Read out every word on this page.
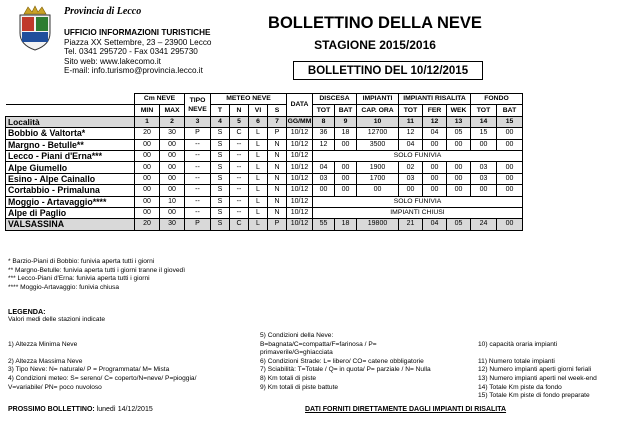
Provincia di Lecco
UFFICIO INFORMAZIONI TURISTICHE
Piazza XX Settembre, 23 – 23900 Lecco
Tel. 0341 295720 - Fax 0341 295730
Sito web: www.lakecomo.it
E-mail: info.turismo@provincia.lecco.it
BOLLETTINO DELLA NEVE
STAGIONE 2015/2016
BOLLETTINO DEL 10/12/2015
	Cm NEVE		TIPO NEVE	METEO NEVE				DATA	DISCESA		IMPIANTI	IMPIANTI RISALITA			FONDO	
	MIN	MAX		T	N	VI	S		TOT	BAT	CAP. ORA	TOT	FER	WEK	TOT	BAT
Località	1	2	3	4	5	6	7	GG/MM	8	9	10	11	12	13	14	15
Bobbio & Valtorta*	20	30	P	S	C	L	P	10/12	36	18	12700	12	04	05	15	00
Margno - Betulle**	00	00	--	S	--	L	N	10/12	12	00	3500	04	00	00	00	00
Lecco - Piani d'Erna***	00	00	--	S	--	L	N	10/12	SOLO FUNIVIA							
Alpe Giumello	00	00	--	S	--	L	N	10/12	04	00	1900	02	00	00	03	00
Esino - Alpe Cainallo	00	00	--	S	--	L	N	10/12	03	00	1700	03	00	00	03	00
Cortabbio - Primaluna	00	00	--	S	--	L	N	10/12	00	00	00	00	00	00	00	00
Moggio - Artavaggio****	00	10	--	S	--	L	N	10/12	SOLO FUNIVIA							
Alpe di Paglio	00	00	--	S	--	L	N	10/12	IMPIANTI CHIUSI							
VALSASSINA	20	30	P	S	C	L	P	10/12	55	18	19800	21	04	05	24	00
* Barzio-Piani di Bobbio: funivia aperta tutti i giorni
** Margno-Betulle: funivia aperta tutti i giorni tranne il giovedì
*** Lecco-Piani d'Erna: funivia aperta tutti i giorni
**** Moggio-Artavaggio: funivia chiusa
LEGENDA:
Valori medi delle stazioni indicate

1) Altezza Minima Neve

2) Altezza Massima Neve
3) Tipo Neve: N= naturale/ P = Programmata/ M= Mista
4) Condizioni meteo: S= sereno/ C= coperto/N=neve/ P=pioggia/
V=variabile/ PN= poco nuvoloso
5) Condizioni della Neve:
B=bagnata/C=compatta/F=farinosa / P=
primaverile/G=ghiacciata
6) Condizioni Strade: L= libero/ CO= catene obbligatorie
7) Sciabilità: T=Totale / Q= in quota/ P= parziale / N= Nulla
8) Km totali di piste
9) Km totali di piste battute

10) capacità oraria impianti

11) Numero totale impianti
12) Numero impianti aperti giorni feriali
13) Numero impianti aperti nel week-end
14) Totale Km piste da fondo
15) Totale Km piste di fondo preparate
PROSSIMO BOLLETTINO: lunedì 14/12/2015	DATI FORNITI DIRETTAMENTE DAGLI IMPIANTI DI RISALITA
